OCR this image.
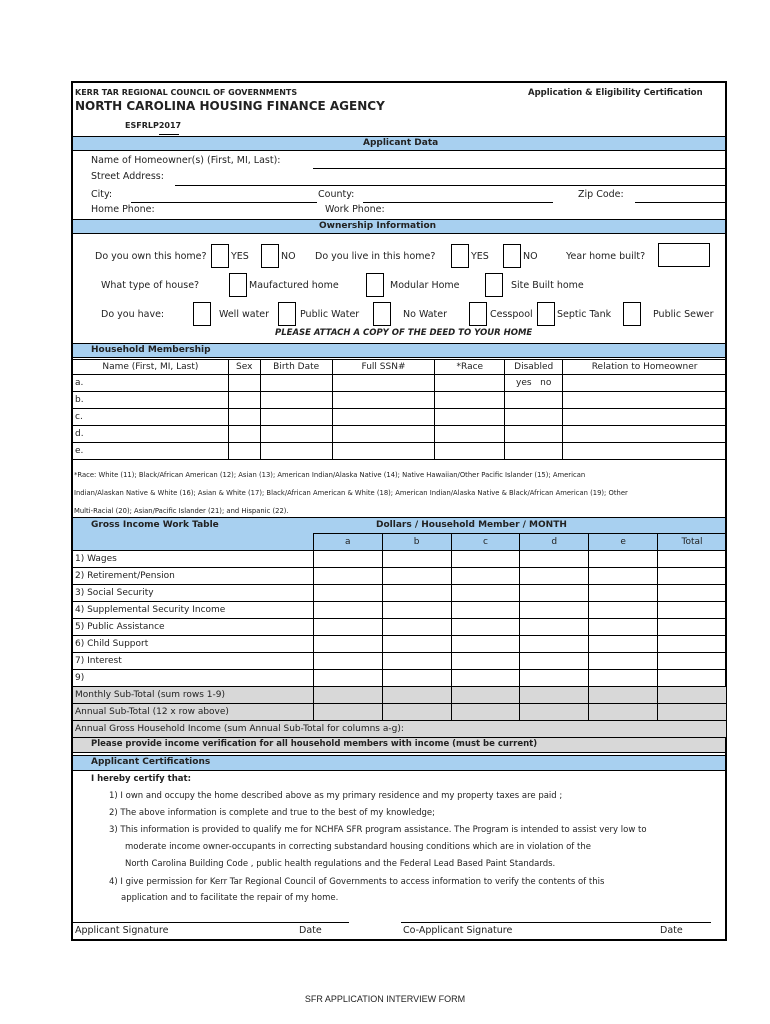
KERR TAR REGIONAL COUNCIL OF GOVERNMENTS
NORTH CAROLINA HOUSING FINANCE AGENCY
ESFRLP2017
Application & Eligibility Certification
Applicant Data
Name of Homeowner(s) (First, MI, Last):
Street Address:
City:	County:	Zip Code:
Home Phone:	Work Phone:
Ownership Information
Do you own this home?	YES	NO Do you live in this home?	YES	NO	Year home built?
What type of house?	Maufactured home	Modular Home	Site Built home
Do you have:	Well water	Public Water	No Water	Cesspool	Septic Tank	Public Sewer
PLEASE ATTACH A COPY OF THE DEED TO YOUR HOME
Household Membership
Name (First, MI, Last)	Sex	Birth Date	Full SSN#	*Race	Disabled	Relation to Homeowner
a.					yes   no	
b.						
c.						
d.						
e.						
*Race: White (11); Black/African American (12); Asian (13); American Indian/Alaska Native (14); Native Hawaiian/Other Pacific Islander (15); American
Indian/Alaskan Native & White (16); Asian & White (17); Black/African American & White (18); American Indian/Alaska Native & Black/African American (19); Other
Multi-Racial (20); Asian/Pacific Islander (21); and Hispanic (22).
Gross Income Work Table	Dollars / Household Member / MONTH
	a	b	c	d	e	Total
1) Wages						
2) Retirement/Pension						
3) Social Security						
4) Supplemental Security Income						
5) Public Assistance						
6) Child Support						
7) Interest						
9)						
Monthly Sub-Total (sum rows 1-9)						
Annual Sub-Total (12 x row above)						
Annual Gross Household Income (sum Annual Sub-Total for columns a-g):						
Please provide income verification for all household members with income (must be current)
Applicant Certifications
I hereby certify that:
1) I own and occupy the home described above as my primary residence and my property taxes are paid ;
2) The above information is complete and true to the best of my knowledge;
3) This information is provided to qualify me for NCHFA SFR program assistance. The Program is intended to assist very low to
moderate income owner-occupants in correcting substandard housing conditions which are in violation of the
North Carolina Building Code , public health regulations and the Federal Lead Based Paint Standards.
4) I give permission for Kerr Tar Regional Council of Governments to access information to verify the contents of this
application and to facilitate the repair of my home.
Applicant Signature	Date	Co-Applicant Signature	Date
SFR APPLICATION INTERVIEW FORM
